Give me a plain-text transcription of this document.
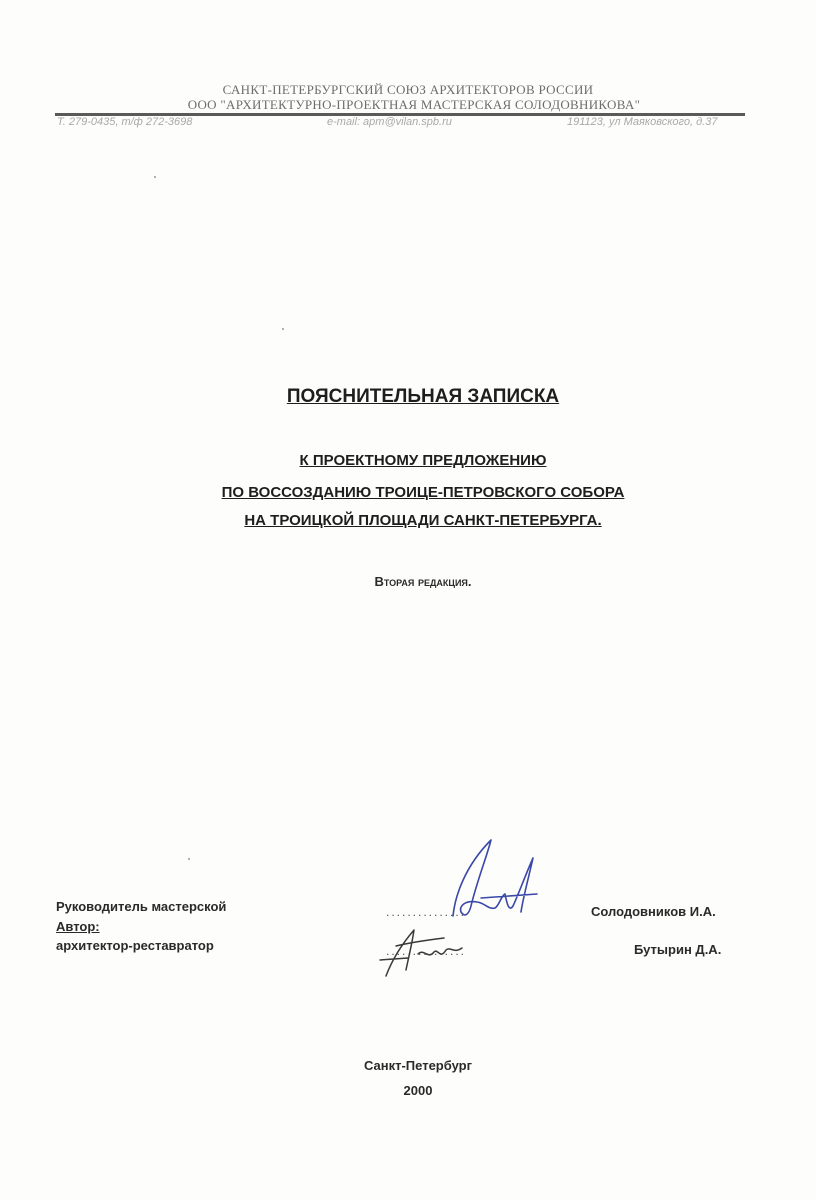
САНКТ-ПЕТЕРБУРГСКИЙ СОЮЗ АРХИТЕКТОРОВ РОССИИ
ООО "АРХИТЕКТУРНО-ПРОЕКТНАЯ МАСТЕРСКАЯ СОЛОДОВНИКОВА"
Т. 279-0435, т/ф 272-3698	e-mail: apm@vilan.spb.ru	191123, ул Маяковского, д.37
ПОЯСНИТЕЛЬНАЯ ЗАПИСКА
К ПРОЕКТНОМУ ПРЕДЛОЖЕНИЮ
ПО ВОССОЗДАНИЮ ТРОИЦЕ-ПЕТРОВСКОГО СОБОРА
НА ТРОИЦКОЙ ПЛОЩАДИ САНКТ-ПЕТЕРБУРГА.
Вторая редакция.
Руководитель мастерской
Автор:
архитектор-реставратор
...............
...............
Солодовников И.А.
Бутырин Д.А.
Санкт-Петербург
2000
